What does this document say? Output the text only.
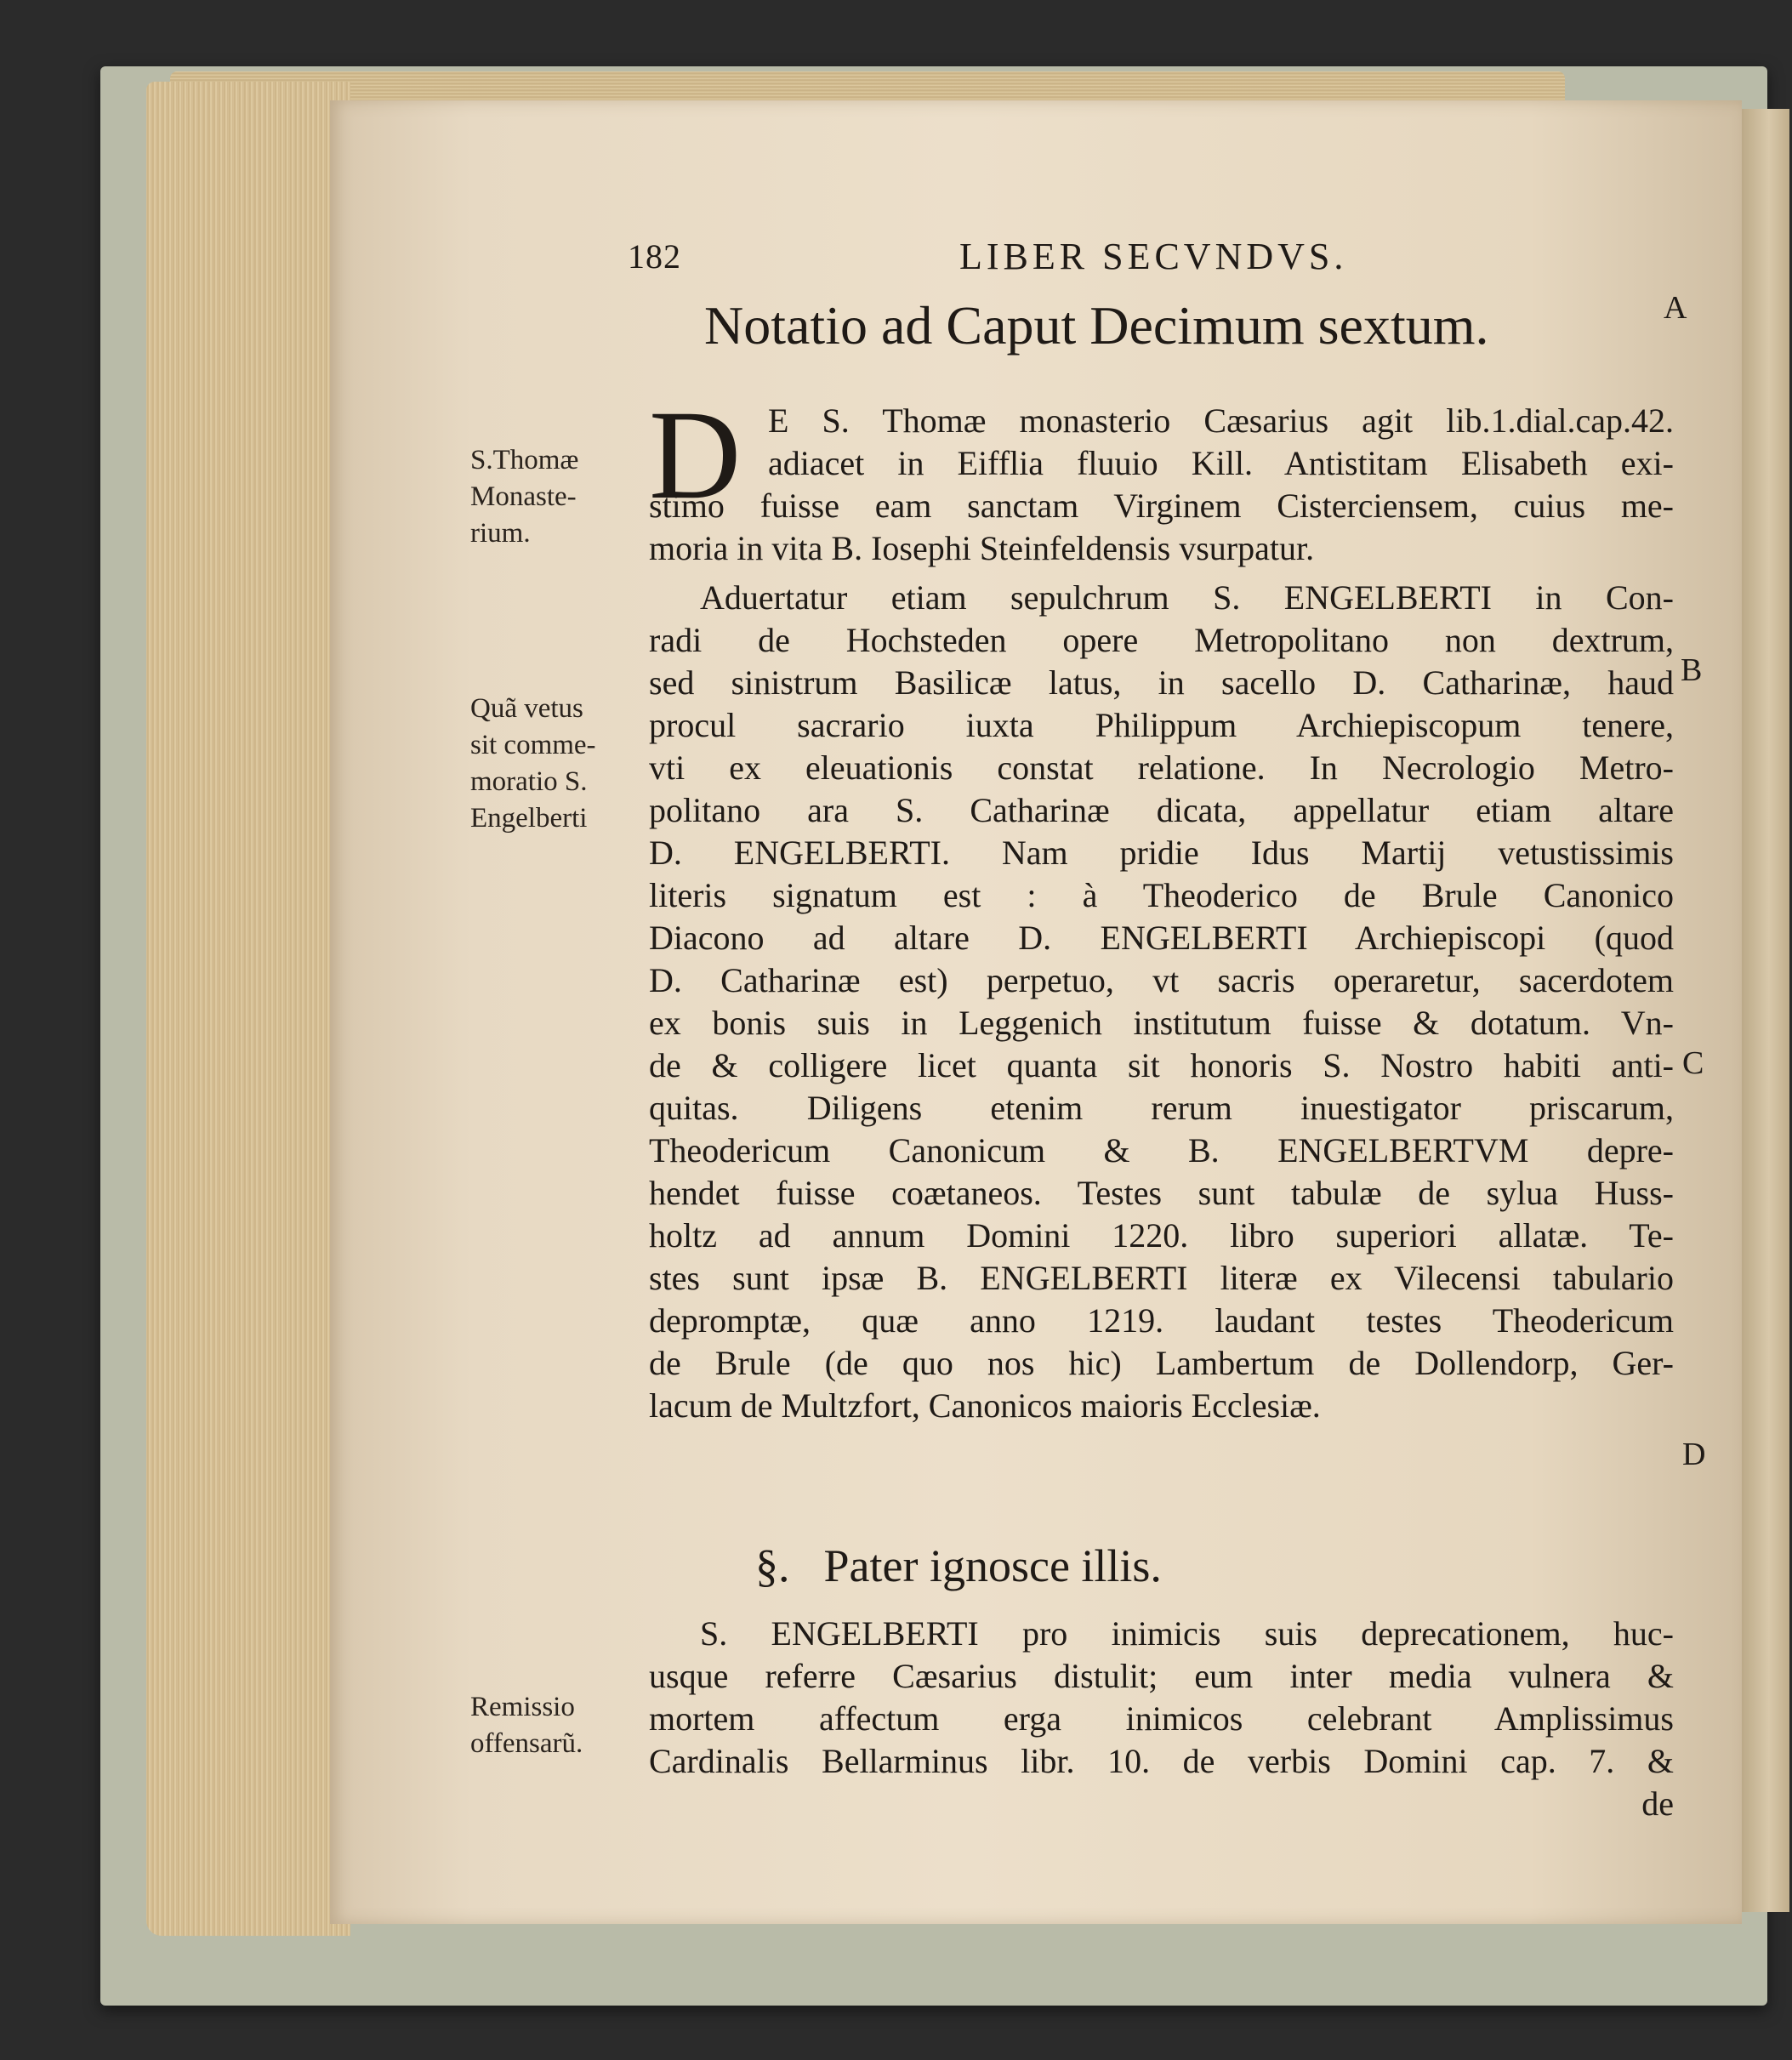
182	LIBER SECVNDVS.
Notatio ad Caput Decimum sextum.	A
B
C
D
S.Thomæ
Monaste-
rium.
Quã vetus
sit comme-
moratio S.
Engelberti
Remissio
offensarũ.
D E S. Thomæ monasterio Cæsarius agit lib.1.dial.cap.42.
adiacet in Eifflia fluuio Kill. Antistitam Elisabeth exi-
stimo fuisse eam sanctam Virginem Cisterciensem, cuius me-
moria in vita B. Iosephi Steinfeldensis vsurpatur.
Aduertatur etiam sepulchrum S. ENGELBERTI in Con-
radi de Hochsteden opere Metropolitano non dextrum,
sed sinistrum Basilicæ latus, in sacello D. Catharinæ, haud
procul sacrario iuxta Philippum Archiepiscopum tenere,
vti ex eleuationis constat relatione. In Necrologio Metro-
politano ara S. Catharinæ dicata, appellatur etiam altare
D. ENGELBERTI. Nam pridie Idus Martij vetustissimis
literis signatum est : à Theoderico de Brule Canonico
Diacono ad altare D. ENGELBERTI Archiepiscopi (quod
D. Catharinæ est) perpetuo, vt sacris operaretur, sacerdotem
ex bonis suis in Leggenich institutum fuisse & dotatum. Vn-
de & colligere licet quanta sit honoris S. Nostro habiti anti-
quitas. Diligens etenim rerum inuestigator priscarum,
Theodericum Canonicum & B. ENGELBERTVM depre-
hendet fuisse coætaneos. Testes sunt tabulæ de sylua Huss-
holtz ad annum Domini 1220. libro superiori allatæ. Te-
stes sunt ipsæ B. ENGELBERTI literæ ex Vilecensi tabulario
depromptæ, quæ anno 1219. laudant testes Theodericum
de Brule (de quo nos hic) Lambertum de Dollendorp, Ger-
lacum de Multzfort, Canonicos maioris Ecclesiæ.
§. Pater ignosce illis.
S. ENGELBERTI pro inimicis suis deprecationem, huc-
usque referre Cæsarius distulit; eum inter media vulnera &
mortem affectum erga inimicos celebrant Amplissimus
Cardinalis Bellarminus libr. 10. de verbis Domini cap. 7. &
de
